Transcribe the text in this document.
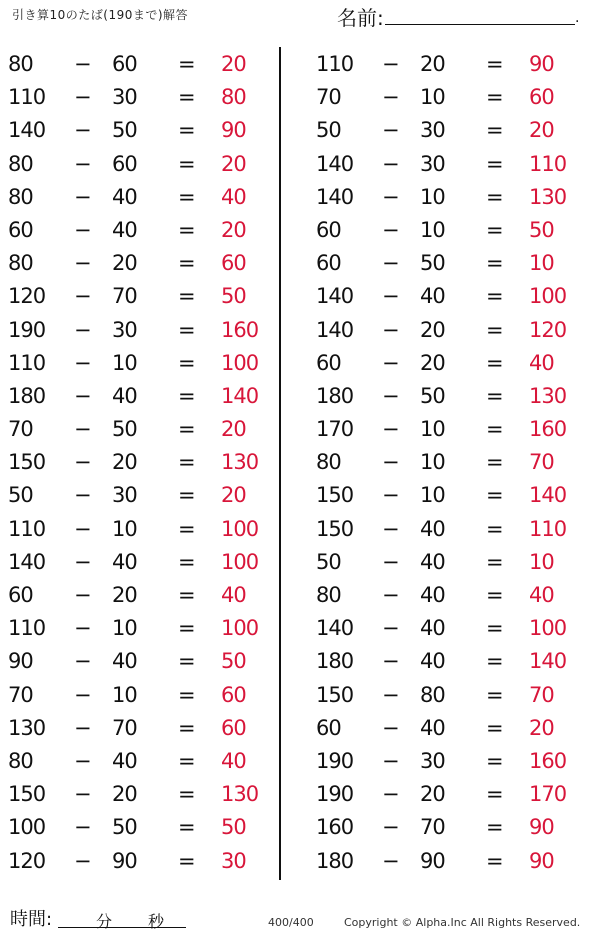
引き算10のたば(190まで)解答	名前:	.
80	− 60	= 20
110	− 30	= 80
140	− 50	= 90
80	− 60	= 20
80	− 40	= 40
60	− 40	= 20
80	− 20	= 60
120	− 70	= 50
190	− 30	= 160
110	− 10	= 100
180	− 40	= 140
70	− 50	= 20
150	− 20	= 130
50	− 30	= 20
110	− 10	= 100
140	− 40	= 100
60	− 20	= 40
110	− 10	= 100
90	− 40	= 50
70	− 10	= 60
130	− 70	= 60
80	− 40	= 40
150	− 20	= 130
100	− 50	= 50
120	− 90	= 30
110	− 20	= 90
70	− 10	= 60
50	− 30	= 20
140	− 30	= 110
140	− 10	= 130
60	− 10	= 50
60	− 50	= 10
140	− 40	= 100
140	− 20	= 120
60	− 20	= 40
180	− 50	= 130
170	− 10	= 160
80	− 10	= 70
150	− 10	= 140
150	− 40	= 110
50	− 40	= 10
80	− 40	= 40
140	− 40	= 100
180	− 40	= 140
150	− 80	= 70
60	− 40	= 20
190	− 30	= 160
190	− 20	= 170
160	− 70	= 90
180	− 90	= 90
時間:	分 秒	400/400	Copyright © Alpha.Inc All Rights Reserved.
